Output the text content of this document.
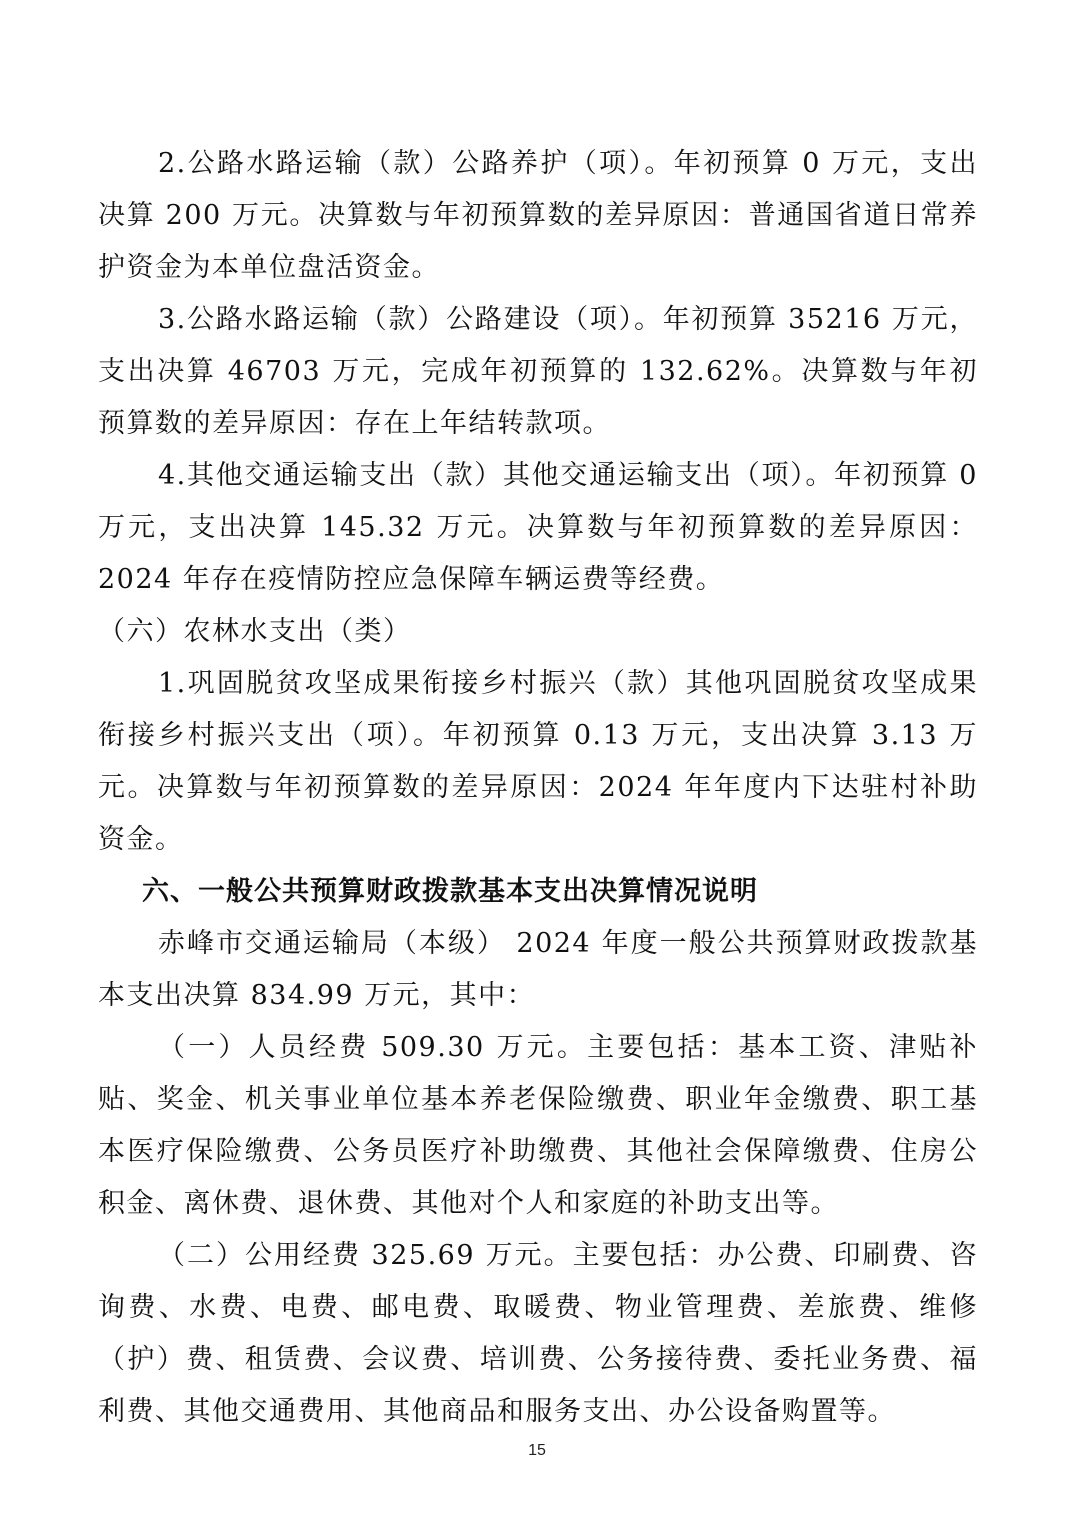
2.公路水路运输（款）公路养护（项）。年初预算 0 万元，支出决算 200 万元。决算数与年初预算数的差异原因：普通国省道日常养护资金为本单位盘活资金。

3.公路水路运输（款）公路建设（项）。年初预算 35216 万元，支出决算 46703 万元，完成年初预算的 132.62%。决算数与年初预算数的差异原因：存在上年结转款项。

4.其他交通运输支出（款）其他交通运输支出（项）。年初预算 0 万元，支出决算 145.32 万元。决算数与年初预算数的差异原因：2024 年存在疫情防控应急保障车辆运费等经费。

（六）农林水支出（类）

1.巩固脱贫攻坚成果衔接乡村振兴（款）其他巩固脱贫攻坚成果衔接乡村振兴支出（项）。年初预算 0.13 万元，支出决算 3.13 万元。决算数与年初预算数的差异原因：2024 年年度内下达驻村补助资金。

六、一般公共预算财政拨款基本支出决算情况说明

赤峰市交通运输局（本级） 2024 年度一般公共预算财政拨款基本支出决算 834.99 万元，其中：

（一）人员经费 509.30 万元。主要包括：基本工资、津贴补贴、奖金、机关事业单位基本养老保险缴费、职业年金缴费、职工基本医疗保险缴费、公务员医疗补助缴费、其他社会保障缴费、住房公积金、离休费、退休费、其他对个人和家庭的补助支出等。

（二）公用经费 325.69 万元。主要包括：办公费、印刷费、咨询费、水费、电费、邮电费、取暖费、物业管理费、差旅费、维修（护）费、租赁费、会议费、培训费、公务接待费、委托业务费、福利费、其他交通费用、其他商品和服务支出、办公设备购置等。

15
